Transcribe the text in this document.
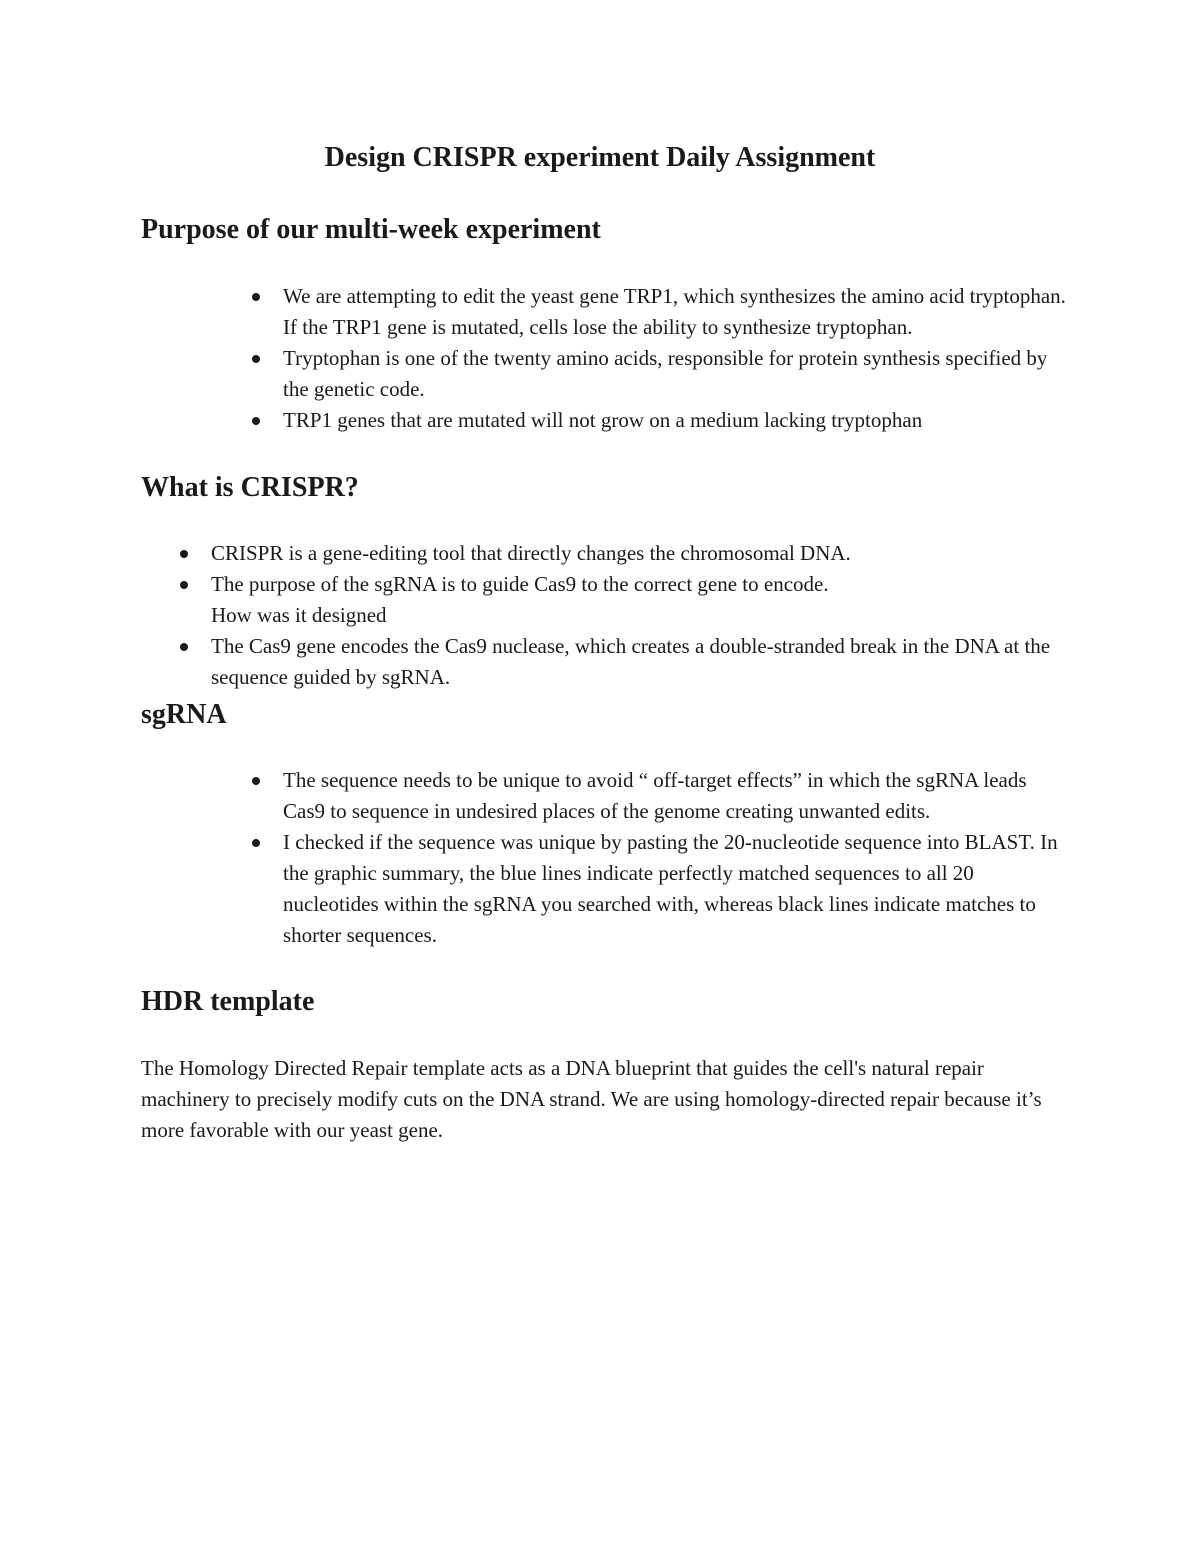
Design CRISPR experiment Daily Assignment
Purpose of our multi-week experiment
We are attempting to edit the yeast gene TRP1, which synthesizes the amino acid tryptophan. If the TRP1 gene is mutated, cells lose the ability to synthesize tryptophan.
Tryptophan is one of the twenty amino acids, responsible for protein synthesis specified by the genetic code.
TRP1 genes that are mutated will not grow on a medium lacking tryptophan
What is CRISPR?
CRISPR is a gene-editing tool that directly changes the chromosomal DNA.
The purpose of the sgRNA is to guide Cas9 to the correct gene to encode.
How was it designed
The Cas9 gene encodes the Cas9 nuclease, which creates a double-stranded break in the DNA at the sequence guided by sgRNA.
sgRNA
The sequence needs to be unique to avoid “ off-target effects” in which the sgRNA leads Cas9 to sequence in undesired places of the genome creating unwanted edits.
I checked if the sequence was unique by pasting the 20-nucleotide sequence into BLAST. In the graphic summary, the blue lines indicate perfectly matched sequences to all 20 nucleotides within the sgRNA you searched with, whereas black lines indicate matches to shorter sequences.
HDR template

The Homology Directed Repair template acts as a DNA blueprint that guides the cell's natural repair machinery to precisely modify cuts on the DNA strand. We are using homology-directed repair because it’s more favorable with our yeast gene.
